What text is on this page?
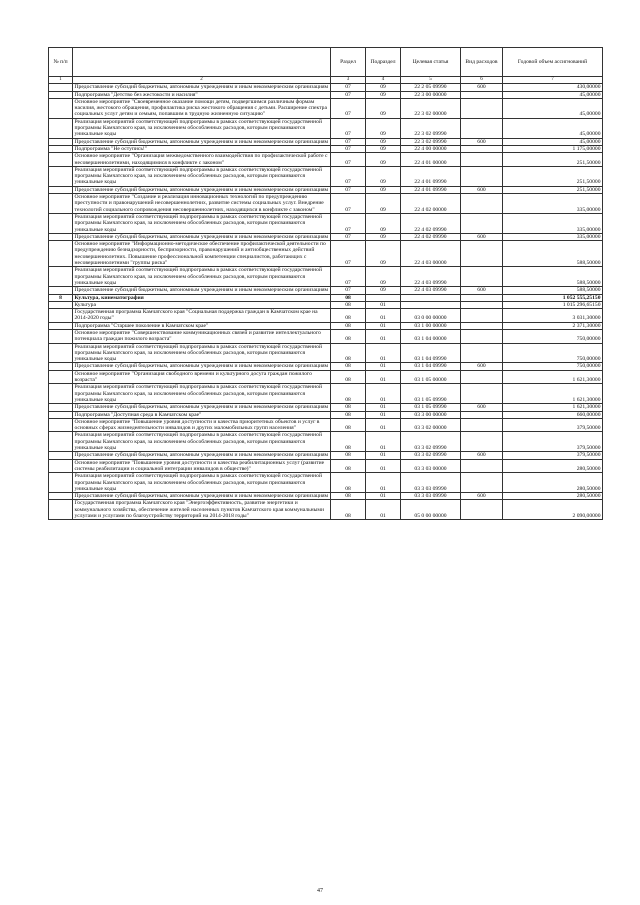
№ п/п		Раздел	Подраздел	Целевая статья	Вид расходов	Годовой объем ассигнований
1	2	3	4	5	6	7
	Предоставление субсидий бюджетным, автономным учреждениям и иным некоммерческим организациям	07	09	22 2 05 09990	600	430,00000
	Подпрограмма "Детство без жестокости и насилия"	07	09	22 3 00 00000		45,00000
	Основное мероприятие "Своевременное оказание помощи детям, подвергшимся различным формам насилия, жестокого обращения, профилактика риска жестокого обращения с детьми. Расширение спектра социальных услуг детям и семьям, попавшим в трудную жизненную ситуацию"	07	09	22 3 02 00000		45,00000
	Реализация мероприятий соответствующей подпрограммы в рамках соответствующей государственной программы Камчатского края, за исключением обособленных расходов, которым присваиваются уникальные коды	07	09	22 3 02 09990		45,00000
	Предоставление субсидий бюджетным, автономным учреждениям и иным некоммерческим организациям	07	09	22 3 02 09990	600	45,00000
	Подпрограмма "Не оступись!"	07	09	22 4 00 00000		1 175,00000
	Основное мероприятие "Организация межведомственного взаимодействия по профилактической работе с несовершеннолетними, находящимися в конфликте с законом"	07	09	22 4 01 00000		251,50000
	Реализация мероприятий соответствующей подпрограммы в рамках соответствующей государственной программы Камчатского края, за исключением обособленных расходов, которым присваиваются уникальные коды	07	09	22 4 01 09990		251,50000
	Предоставление субсидий бюджетным, автономным учреждениям и иным некоммерческим организациям	07	09	22 4 01 09990	600	251,50000
	Основное мероприятие "Создание и реализация инновационных технологий по предупреждению преступности и правонарушений несовершеннолетних, развитие системы социальных услуг. Внедрение технологий социального сопровождения несовершеннолетних, находящихся в конфликте с законом"	07	09	22 4 02 00000		335,00000
	Реализация мероприятий соответствующей подпрограммы в рамках соответствующей государственной программы Камчатского края, за исключением обособленных расходов, которым присваиваются уникальные коды	07	09	22 4 02 09990		335,00000
	Предоставление субсидий бюджетным, автономным учреждениям и иным некоммерческим организациям	07	09	22 4 02 09990	600	335,00000
	Основное мероприятие "Информационно-методическое обеспечение профилактической деятельности по предупреждению безнадзорности, беспризорности, правонарушений и антиобщественных действий несовершеннолетних. Повышение профессиональной компетенции специалистов, работающих с несовершеннолетними "группы риска"	07	09	22 4 03 00000		588,50000
	Реализация мероприятий соответствующей подпрограммы в рамках соответствующей государственной программы Камчатского края, за исключением обособленных расходов, которым присваиваются уникальные коды	07	09	22 4 03 09990		588,50000
	Предоставление субсидий бюджетным, автономным учреждениям и иным некоммерческим организациям	07	09	22 4 03 09990	600	588,50000
8	Культура, кинематография	08				1 052 555,25150
	Культура	08	01			1 015 296,65150
	Государственная программа Камчатского края "Социальная поддержка граждан в Камчатском крае на 2014-2020 годы"	08	01	03 0 00 00000		3 031,30000
	Подпрограмма "Старшее поколение в Камчатском крае"	08	01	03 1 00 00000		2 371,30000
	Основное мероприятие "Совершенствование коммуникационных связей и развитие интеллектуального потенциала граждан пожилого возраста"	08	01	03 1 04 00000		750,00000
	Реализация мероприятий соответствующей подпрограммы в рамках соответствующей государственной программы Камчатского края, за исключением обособленных расходов, которым присваиваются уникальные коды	08	01	03 1 04 09990		750,00000
	Предоставление субсидий бюджетным, автономным учреждениям и иным некоммерческим организациям	08	01	03 1 04 09990	600	750,00000
	Основное мероприятие "Организация свободного времени и культурного досуга граждан пожилого возраста"	08	01	03 1 05 00000		1 621,30000
	Реализация мероприятий соответствующей подпрограммы в рамках соответствующей государственной программы Камчатского края, за исключением обособленных расходов, которым присваиваются уникальные коды	08	01	03 1 05 09990		1 621,30000
	Предоставление субсидий бюджетным, автономным учреждениям и иным некоммерческим организациям	08	01	03 1 05 09990	600	1 621,30000
	Подпрограмма "Доступная среда в Камчатском крае"	08	01	03 3 00 00000		660,00000
	Основное мероприятие "Повышение уровня доступности и качества приоритетных объектов и услуг в основных сферах жизнедеятельности инвалидов и других маломобильных групп населения"	08	01	03 3 02 00000		379,50000
	Реализация мероприятий соответствующей подпрограммы в рамках соответствующей государственной программы Камчатского края, за исключением обособленных расходов, которым присваиваются уникальные коды	08	01	03 3 02 09990		379,50000
	Предоставление субсидий бюджетным, автономным учреждениям и иным некоммерческим организациям	08	01	03 3 02 09990	600	379,50000
	Основное мероприятие "Повышение уровня доступности и качества реабилитационных услуг (развитие системы реабилитации и социальной интеграции инвалидов в обществе)"	08	01	03 3 03 00000		280,50000
	Реализация мероприятий соответствующей подпрограммы в рамках соответствующей государственной программы Камчатского края, за исключением обособленных расходов, которым присваиваются уникальные коды	08	01	03 3 03 09990		280,50000
	Предоставление субсидий бюджетным, автономным учреждениям и иным некоммерческим организациям	08	01	03 3 03 09990	600	280,50000
	Государственная программа Камчатского края "Энергоэффективность, развитие энергетики и коммунального хозяйства, обеспечение жителей населенных пунктов Камчатского края коммунальными услугами и услугами по благоустройству территорий на 2014-2018 годы"	08	01	05 0 00 00000		2 090,00000
47
